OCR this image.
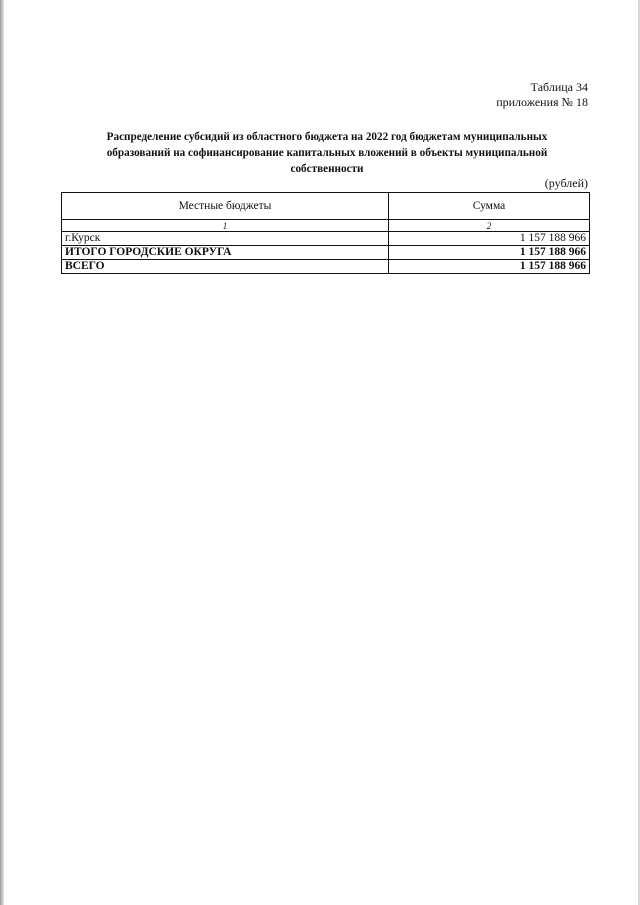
Таблица 34
приложения № 18
Распределение субсидий из областного бюджета на 2022 год бюджетам муниципальных
образований на софинансирование капитальных вложений в объекты муниципальной
собственности
(рублей)
Местные бюджеты	Сумма
1	2
г.Курск	1 157 188 966
ИТОГО ГОРОДСКИЕ ОКРУГА	1 157 188 966
ВСЕГО	1 157 188 966
